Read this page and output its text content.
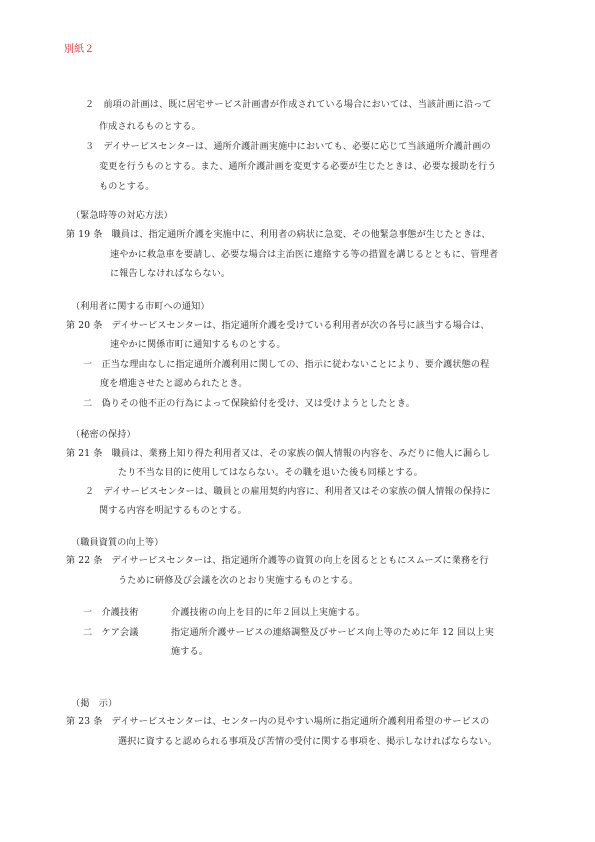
別紙２
２　前項の計画は、既に居宅サービス計画書が作成されている場合においては、当該計画に沿って
作成されるものとする。
３　デイサービスセンターは、通所介護計画実施中においても、必要に応じて当該通所介護計画の
変更を行うものとする。また、通所介護計画を変更する必要が生じたときは、必要な援助を行う
ものとする。
（緊急時等の対応方法）
第 19 条　職員は、指定通所介護を実施中に、利用者の病状に急変、その他緊急事態が生じたときは、
速やかに救急車を要請し、必要な場合は主治医に連絡する等の措置を講じるとともに、管理者
に報告しなければならない。
（利用者に関する市町への通知）
第 20 条　デイサービスセンターは、指定通所介護を受けている利用者が次の各号に該当する場合は、
速やかに関係市町に通知するものとする。
一　正当な理由なしに指定通所介護利用に関しての、指示に従わないことにより、要介護状態の程
度を増進させたと認められたとき。
二　偽りその他不正の行為によって保険給付を受け、又は受けようとしたとき。
（秘密の保持）
第 21 条　職員は、業務上知り得た利用者又は、その家族の個人情報の内容を、みだりに他人に漏らし
たり不当な目的に使用してはならない。その職を退いた後も同様とする。
２　デイサービスセンターは、職員との雇用契約内容に、利用者又はその家族の個人情報の保持に
関する内容を明記するものとする。
（職員資質の向上等）
第 22 条　デイサービスセンターは、指定通所介護等の資質の向上を図るとともにスムーズに業務を行
うために研修及び会議を次のとおり実施するものとする。
一　介護技術	介護技術の向上を目的に年２回以上実施する。
二　ケア会議	指定通所介護サービスの連絡調整及びサービス向上等のために年 12 回以上実
施する。
（掲　示）
第 23 条　デイサービスセンターは、センター内の見やすい場所に指定通所介護利用希望のサービスの
選択に資すると認められる事項及び苦情の受付に関する事項を、掲示しなければならない。
